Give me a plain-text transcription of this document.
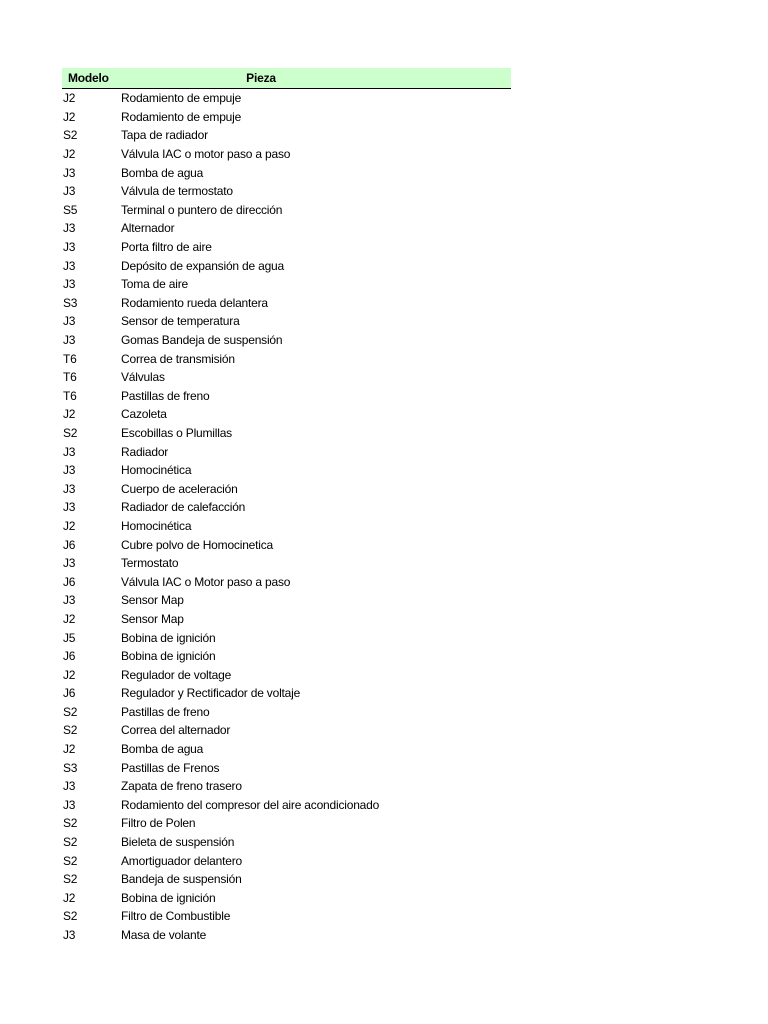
Modelo	Pieza
J2	Rodamiento de empuje
J2	Rodamiento de empuje
S2	Tapa de radiador
J2	Válvula IAC o motor paso a paso
J3	Bomba de agua
J3	Válvula de termostato
S5	Terminal o puntero de dirección
J3	Alternador
J3	Porta filtro de aire
J3	Depósito de expansión de agua
J3	Toma de aire
S3	Rodamiento rueda delantera
J3	Sensor de temperatura
J3	Gomas Bandeja de suspensión
T6	Correa de transmisión
T6	Válvulas
T6	Pastillas de freno
J2	Cazoleta
S2	Escobillas o Plumillas
J3	Radiador
J3	Homocinética
J3	Cuerpo de aceleración
J3	Radiador de calefacción
J2	Homocinética
J6	Cubre polvo de Homocinetica
J3	Termostato
J6	Válvula IAC o Motor paso a paso
J3	Sensor Map
J2	Sensor Map
J5	Bobina de ignición
J6	Bobina de ignición
J2	Regulador de voltage
J6	Regulador y Rectificador de voltaje
S2	Pastillas de freno
S2	Correa del alternador
J2	Bomba de agua
S3	Pastillas de Frenos
J3	Zapata de freno trasero
J3	Rodamiento del compresor del aire acondicionado
S2	Filtro de Polen
S2	Bieleta de suspensión
S2	Amortiguador delantero
S2	Bandeja de suspensión
J2	Bobina de ignición
S2	Filtro de Combustible
J3	Masa de volante
